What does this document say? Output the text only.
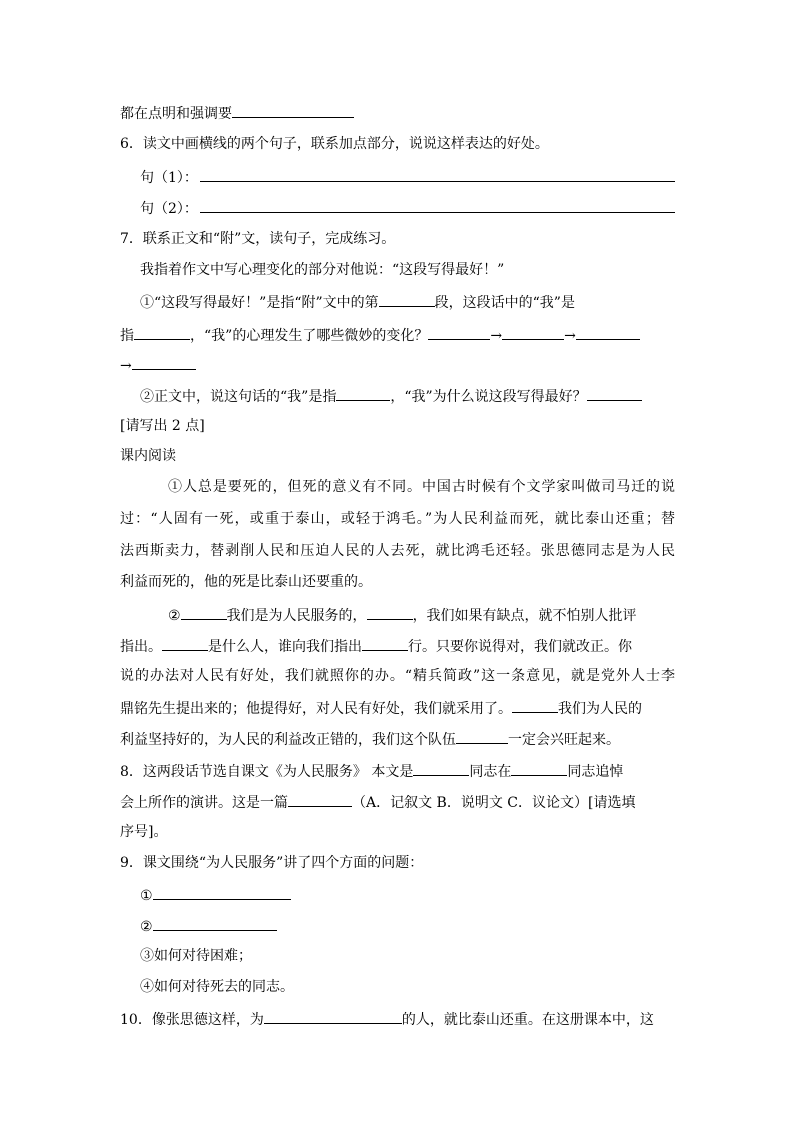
都在点明和强调要
6．读文中画横线的两个句子，联系加点部分，说说这样表达的好处。
句（1）：
句（2）：
7．联系正文和“附”文，读句子，完成练习。
我指着作文中写心理变化的部分对他说：“这段写得最好！”
①“这段写得最好！”是指“附”文中的第	段，这段话中的“我”是
指	，“我”的心理发生了哪些微妙的变化？	→	→
→
②正文中，说这句话的“我”是指	，“我”为什么说这段写得最好？
[请写出 2 点]
课内阅读
①人总是要死的，但死的意义有不同。中国古时候有个文学家叫做司马迁的说
过：“人固有一死，或重于泰山，或轻于鸿毛。”为人民利益而死，就比泰山还重；替
法西斯卖力，替剥削人民和压迫人民的人去死，就比鸿毛还轻。张思德同志是为人民
利益而死的，他的死是比泰山还要重的。
②	我们是为人民服务的，	，我们如果有缺点，就不怕别人批评
指出。	是什么人，谁向我们指出	行。只要你说得对，我们就改正。你
说的办法对人民有好处，我们就照你的办。“精兵简政”这一条意见，就是党外人士李
鼎铭先生提出来的；他提得好，对人民有好处，我们就采用了。	我们为人民的
利益坚持好的，为人民的利益改正错的，我们这个队伍	一定会兴旺起来。
8．这两段话节选自课文《为人民服务》 本文是	同志在	同志追悼
会上所作的演讲。这是一篇	（A．记叙文 B．说明文 C．议论文）[请选填
序号]。
9．课文围绕“为人民服务”讲了四个方面的问题：
①
②
③如何对待困难；
④如何对待死去的同志。
10．像张思德这样，为	的人，就比泰山还重。在这册课本中，这
